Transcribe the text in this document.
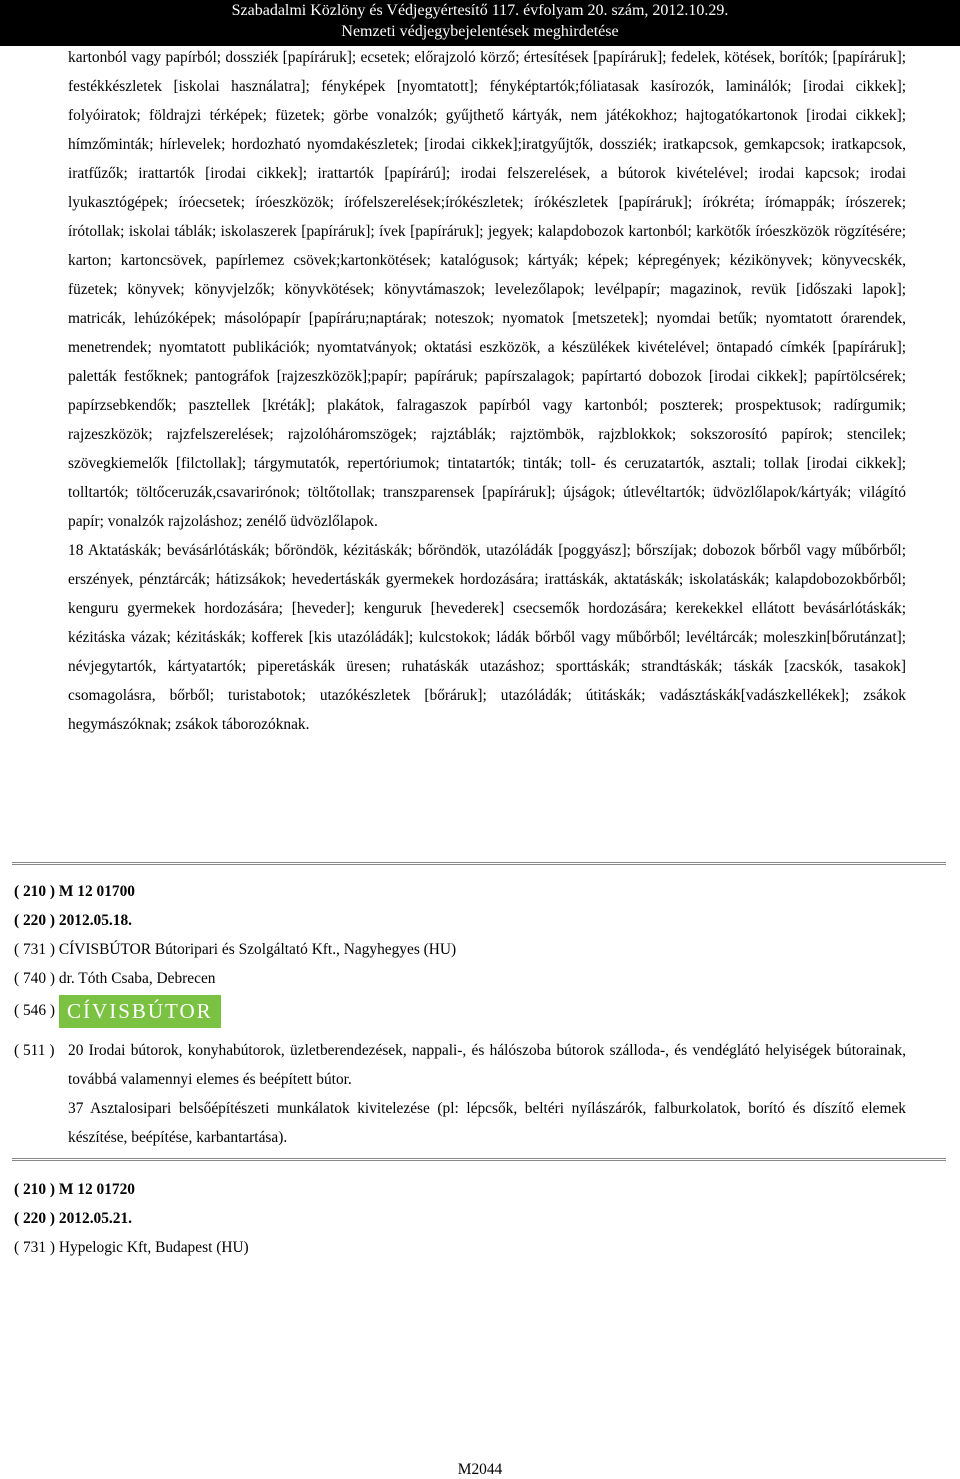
Szabadalmi Közlöny és Védjegyértesítő 117. évfolyam 20. szám, 2012.10.29.
Nemzeti védjegybejelentések meghirdetése

kartonból vagy papírból; dossziék [papíráruk]; ecsetek; előrajzoló körző; értesítések [papíráruk]; fedelek, kötések, borítók; [papíráruk]; festékkészletek [iskolai használatra]; fényképek [nyomtatott]; fényképtartók;fóliatasak kasírozók, laminálók; [irodai cikkek]; folyóiratok; földrajzi térképek; füzetek; görbe vonalzók; gyűjthető kártyák, nem játékokhoz; hajtogatókartonok [irodai cikkek]; hímzőminták; hírlevelek; hordozható nyomdakészletek; [irodai cikkek];iratgyűjtők, dossziék; iratkapcsok, gemkapcsok; iratkapcsok, iratfűzők; irattartók [irodai cikkek]; irattartók [papírárú]; irodai felszerelések, a bútorok kivételével; irodai kapcsok; irodai lyukasztógépek; íróecsetek; íróeszközök; írófelszerelések;írókészletek; írókészletek [papíráruk]; írókréta; írómappák; írószerek; írótollak; iskolai táblák; iskolaszerek [papíráruk]; ívek [papíráruk]; jegyek; kalapdobozok kartonból; karkötők íróeszközök rögzítésére; karton; kartoncsövek, papírlemez csövek;kartonkötések; katalógusok; kártyák; képek; képregények; kézikönyvek; könyvecskék, füzetek; könyvek; könyvjelzők; könyvkötések; könyvtámaszok; levelezőlapok; levélpapír; magazinok, revük [időszaki lapok]; matricák, lehúzóképek; másolópapír [papíráru;naptárak; noteszok; nyomatok [metszetek]; nyomdai betűk; nyomtatott órarendek, menetrendek; nyomtatott publikációk; nyomtatványok; oktatási eszközök, a készülékek kivételével; öntapadó címkék [papíráruk]; paletták festőknek; pantográfok [rajzeszközök];papír; papíráruk; papírszalagok; papírtartó dobozok [irodai cikkek]; papírtölcsérek; papírzsebkendők; pasztellek [kréták]; plakátok, falragaszok papírból vagy kartonból; poszterek; prospektusok; radírgumik; rajzeszközök; rajzfelszerelések; rajzolóháromszögek; rajztáblák; rajztömbök, rajzblokkok; sokszorosító papírok; stencilek; szövegkiemelők [filctollak]; tárgymutatók, repertóriumok; tintatartók; tinták; toll- és ceruzatartók, asztali; tollak [irodai cikkek]; tolltartók; töltőceruzák,csavarirónok; töltőtollak; transzparensek [papíráruk]; újságok; útlevéltartók; üdvözlőlapok/kártyák; világító papír; vonalzók rajzoláshoz; zenélő üdvözlőlapok.

18 Aktatáskák; bevásárlótáskák; bőröndök, kézitáskák; bőröndök, utazóládák [poggyász]; bőrszíjak; dobozok bőrből vagy műbőrből; erszények, pénztárcák; hátizsákok; hevedertáskák gyermekek hordozására; irattáskák, aktatáskák; iskolatáskák; kalapdobozokbőrből; kenguru gyermekek hordozására; [heveder]; kenguruk [hevederek] csecsemők hordozására; kerekekkel ellátott bevásárlótáskák; kézitáska vázak; kézitáskák; kofferek [kis utazóládák]; kulcstokok; ládák bőrből vagy műbőrből; levéltárcák; moleszkin[bőrutánzat]; névjegytartók, kártyatartók; piperetáskák üresen; ruhatáskák utazáshoz; sporttáskák; strandtáskák; táskák [zacskók, tasakok] csomagolásra, bőrből; turistabotok; utazókészletek [bőráruk]; utazóládák; útitáskák; vadásztáskák[vadászkellékek]; zsákok hegymászóknak; zsákok táborozóknak.

( 210 ) M 12 01700
( 220 ) 2012.05.18.
( 731 ) CÍVISBÚTOR Bútoripari és Szolgáltató Kft., Nagyhegyes (HU)
( 740 ) dr. Tóth Csaba, Debrecen
( 546 ) CÍVISBÚTOR
( 511 ) 20 Irodai bútorok, konyhabútorok, üzletberendezések, nappali-, és hálószoba bútorok szálloda-, és vendéglátó helyiségek bútorainak, továbbá valamennyi elemes és beépített bútor.

37 Asztalosipari belsőépítészeti munkálatok kivitelezése (pl: lépcsők, beltéri nyílászárók, falburkolatok, borító és díszítő elemek készítése, beépítése, karbantartása).

( 210 ) M 12 01720
( 220 ) 2012.05.21.
( 731 ) Hypelogic Kft, Budapest (HU)
M2044
